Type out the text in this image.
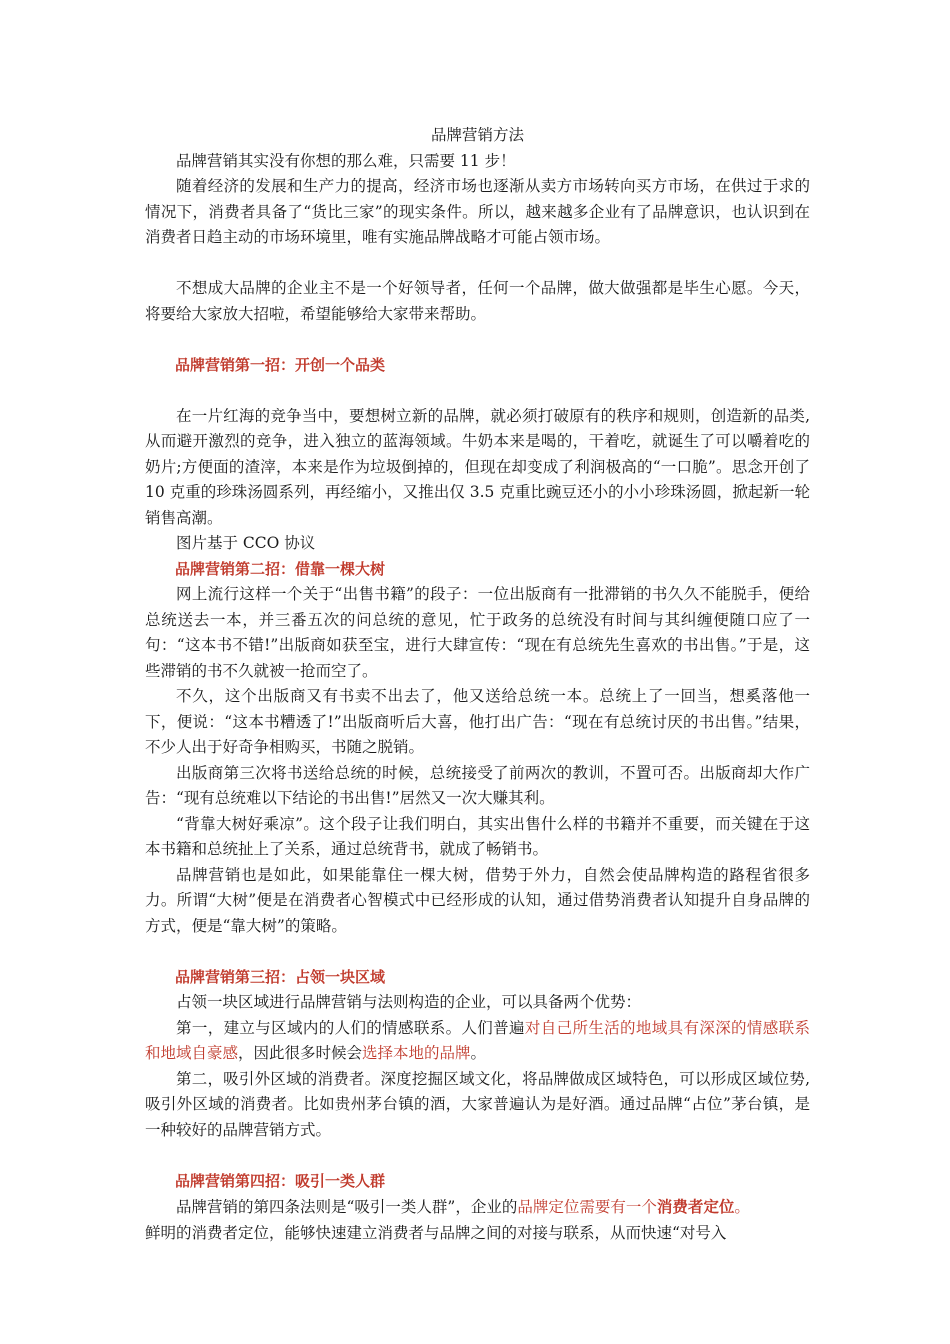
品牌营销方法

品牌营销其实没有你想的那么难，只需要 11 步！

随着经济的发展和生产力的提高，经济市场也逐渐从卖方市场转向买方市场，在供过于求的情况下，消费者具备了“货比三家”的现实条件。所以，越来越多企业有了品牌意识，也认识到在消费者日趋主动的市场环境里，唯有实施品牌战略才可能占领市场。

不想成大品牌的企业主不是一个好领导者，任何一个品牌，做大做强都是毕生心愿。今天，将要给大家放大招啦，希望能够给大家带来帮助。

品牌营销第一招：开创一个品类

在一片红海的竞争当中，要想树立新的品牌，就必须打破原有的秩序和规则，创造新的品类,从而避开激烈的竞争，进入独立的蓝海领域。牛奶本来是喝的，干着吃，就诞生了可以嚼着吃的奶片;方便面的渣滓，本来是作为垃圾倒掉的，但现在却变成了利润极高的“一口脆”。思念开创了 10 克重的珍珠汤圆系列，再经缩小，又推出仅 3.5 克重比豌豆还小的小小珍珠汤圆，掀起新一轮销售高潮。

图片基于 CCO 协议

品牌营销第二招：借靠一棵大树

网上流行这样一个关于“出售书籍”的段子：一位出版商有一批滞销的书久久不能脱手，便给总统送去一本，并三番五次的问总统的意见，忙于政务的总统没有时间与其纠缠便随口应了一句：“这本书不错!”出版商如获至宝，进行大肆宣传：“现在有总统先生喜欢的书出售。”于是，这些滞销的书不久就被一抢而空了。

不久，这个出版商又有书卖不出去了，他又送给总统一本。总统上了一回当，想奚落他一下，便说：“这本书糟透了!”出版商听后大喜，他打出广告：“现在有总统讨厌的书出售。”结果，不少人出于好奇争相购买，书随之脱销。

出版商第三次将书送给总统的时候，总统接受了前两次的教训，不置可否。出版商却大作广告：“现有总统难以下结论的书出售!”居然又一次大赚其利。

“背靠大树好乘凉”。这个段子让我们明白，其实出售什么样的书籍并不重要，而关键在于这本书籍和总统扯上了关系，通过总统背书，就成了畅销书。

品牌营销也是如此，如果能靠住一棵大树，借势于外力，自然会使品牌构造的路程省很多力。所谓“大树”便是在消费者心智模式中已经形成的认知，通过借势消费者认知提升自身品牌的方式，便是“靠大树”的策略。

品牌营销第三招：占领一块区域

占领一块区域进行品牌营销与法则构造的企业，可以具备两个优势：

第一，建立与区域内的人们的情感联系。人们普遍对自己所生活的地域具有深深的情感联系和地域自豪感，因此很多时候会选择本地的品牌。

第二，吸引外区域的消费者。深度挖掘区域文化，将品牌做成区域特色，可以形成区域位势,吸引外区域的消费者。比如贵州茅台镇的酒，大家普遍认为是好酒。通过品牌“占位”茅台镇，是一种较好的品牌营销方式。

品牌营销第四招：吸引一类人群

品牌营销的第四条法则是“吸引一类人群”，企业的品牌定位需要有一个消费者定位。

鲜明的消费者定位，能够快速建立消费者与品牌之间的对接与联系，从而快速“对号入
